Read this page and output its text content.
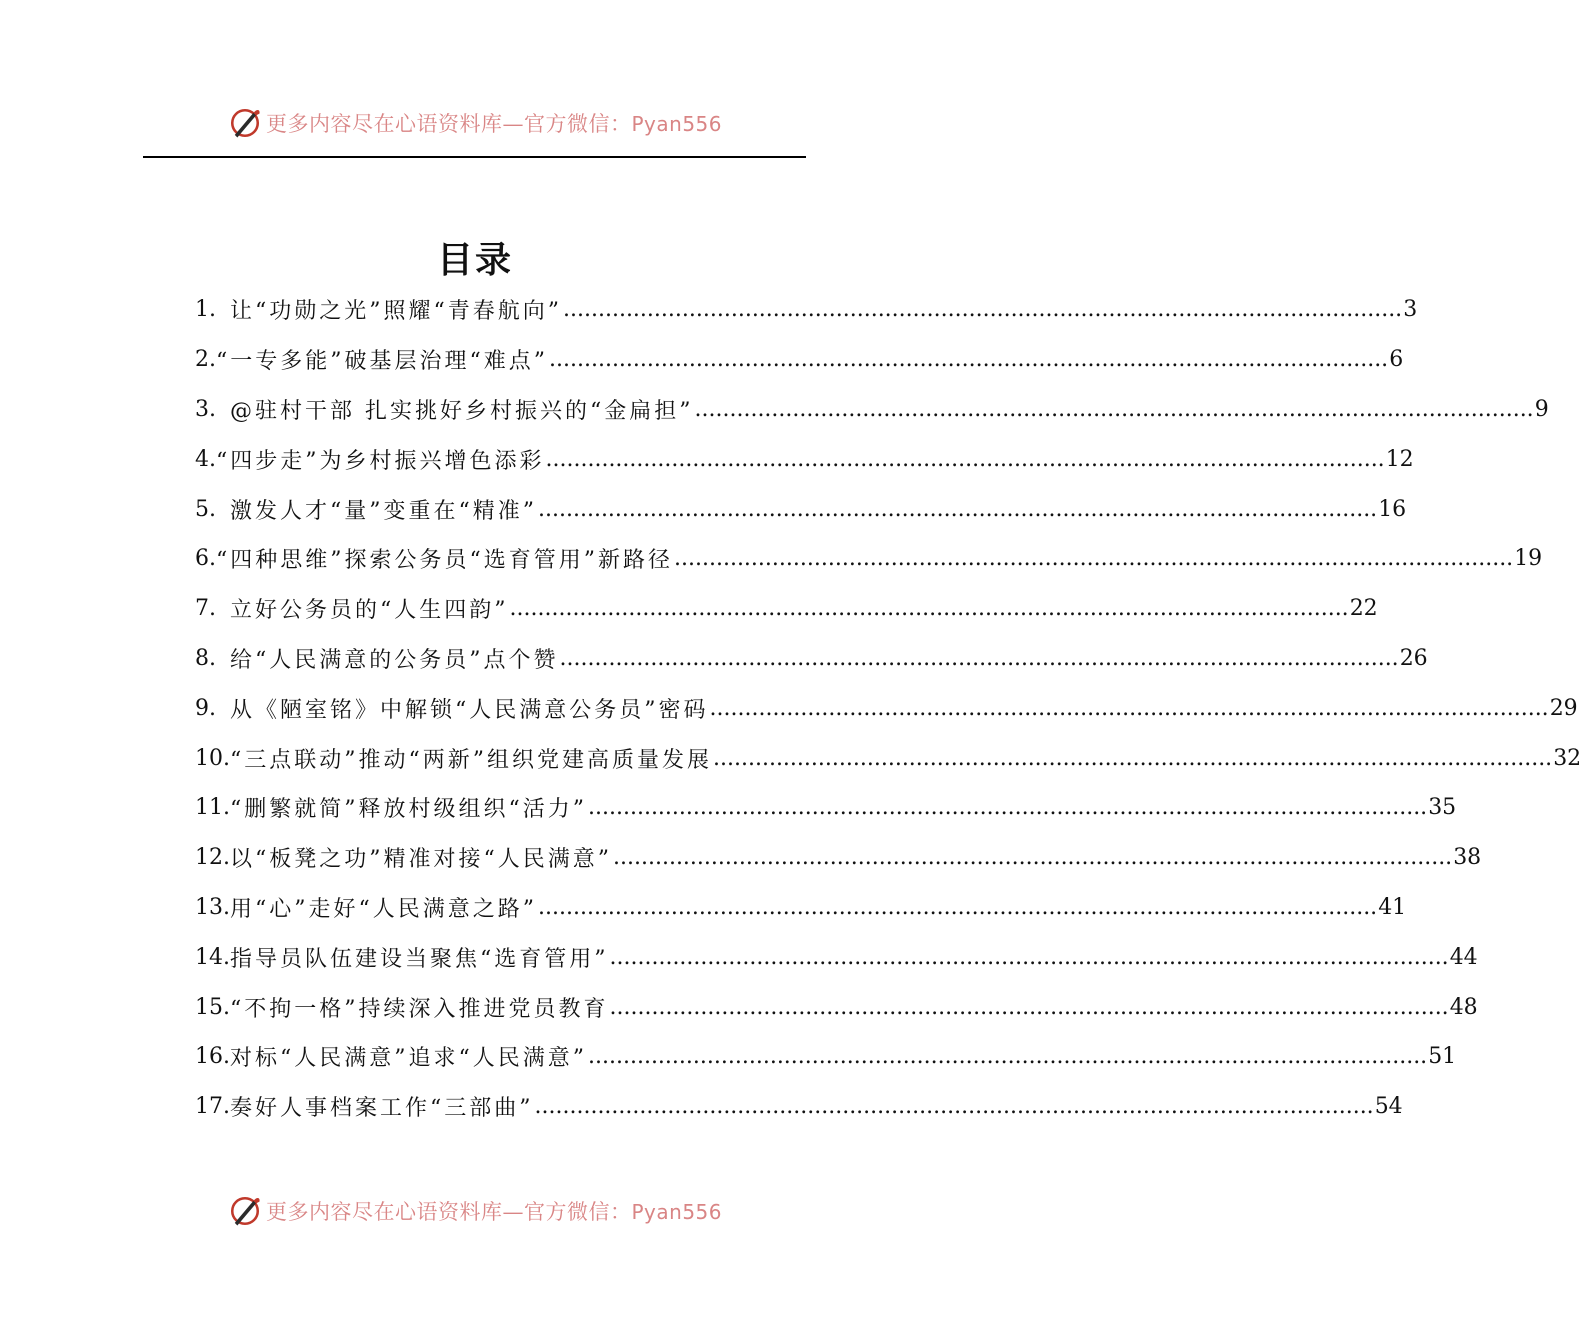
更多内容尽在心语资料库—官方微信：Pyan556
目录
1. 让“功勋之光”照耀“青春航向” ........................................................................................................................ 3
2. “一专多能”破基层治理“难点” ........................................................................................................................ 6
3. @驻村干部 扎实挑好乡村振兴的“金扁担” ........................................................................................................................ 9
4. “四步走”为乡村振兴增色添彩 ........................................................................................................................ 12
5. 激发人才“量”变重在“精准” ........................................................................................................................ 16
6. “四种思维”探索公务员“选育管用”新路径 ........................................................................................................................ 19
7. 立好公务员的“人生四韵” ........................................................................................................................ 22
8. 给“人民满意的公务员”点个赞 ........................................................................................................................ 26
9. 从《陋室铭》中解锁“人民满意公务员”密码 ........................................................................................................................ 29
10. “三点联动”推动“两新”组织党建高质量发展 ........................................................................................................................ 32
11. “删繁就简”释放村级组织“活力” ........................................................................................................................ 35
12. 以“板凳之功”精准对接“人民满意” ........................................................................................................................ 38
13. 用“心”走好“人民满意之路” ........................................................................................................................ 41
14. 指导员队伍建设当聚焦“选育管用” ........................................................................................................................ 44
15. “不拘一格”持续深入推进党员教育 ........................................................................................................................ 48
16. 对标“人民满意”追求“人民满意” ........................................................................................................................ 51
17. 奏好人事档案工作“三部曲” ........................................................................................................................ 54
更多内容尽在心语资料库—官方微信：Pyan556
